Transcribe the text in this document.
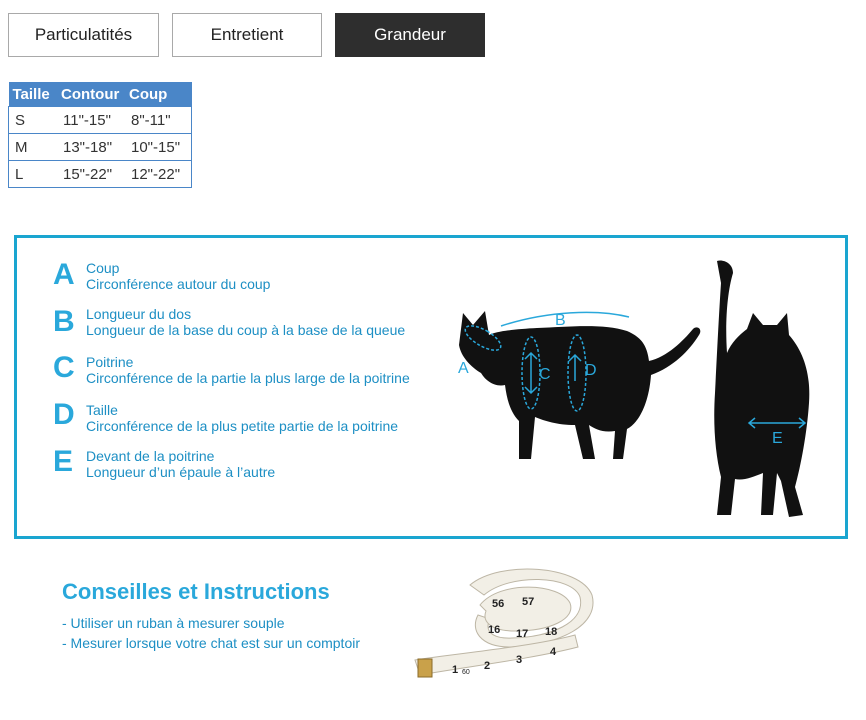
Particulatités	Entretient	Grandeur
Taille	Contour	Coup
S	11"-15"	8"-11"
M	13"-18"	10"-15"
L	15"-22"	12"-22"
A Coup
Circonférence autour du coup
B Longueur du dos
Longueur de la base du coup à la base de la queue
C Poitrine
Circonférence de la partie la plus large de la poitrine
D Taille
Circonférence de la plus petite partie de la poitrine
E Devant de la poitrine
Longueur d’un épaule à l’autre
A
B
C D
E
Conseilles et Instructions
- Utiliser un ruban à mesurer souple
- Mesurer lorsque votre chat est sur un comptoir
56 57
16 17 18
1 2 3
4
60
